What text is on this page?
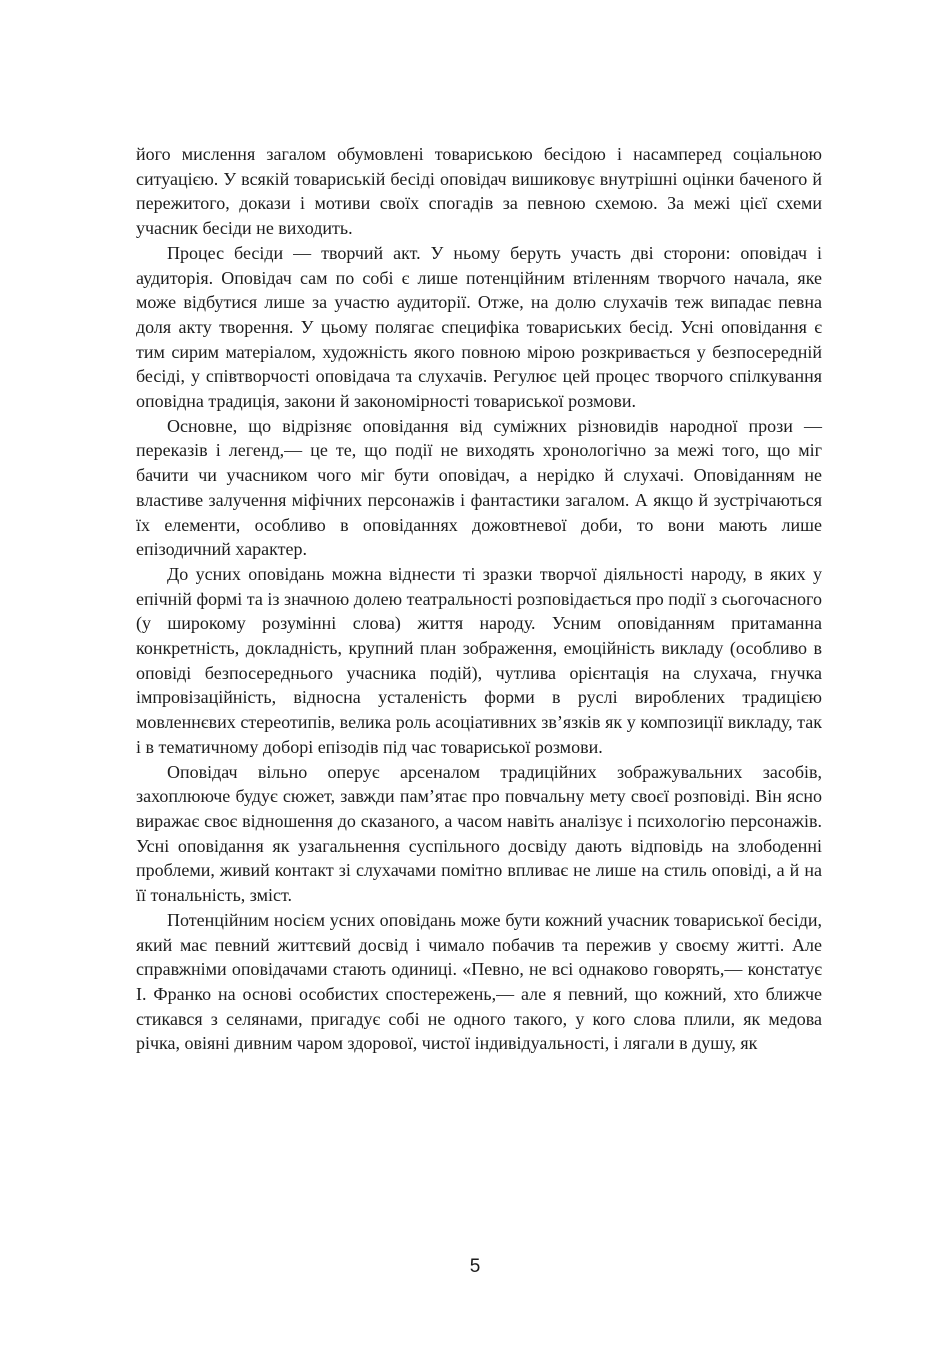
його мислення загалом обумовлені товариською бесідою і насамперед соціальною ситуацією. У всякій товариській бесіді оповідач вишиковує внутрішні оцінки баченого й пережитого, докази і мотиви своїх спогадів за певною схемою. За межі цієї схеми учасник бесіди не виходить.

Процес бесіди — творчий акт. У ньому беруть участь дві сторони: оповідач і аудиторія. Оповідач сам по собі є лише потенційним втіленням творчого начала, яке може відбутися лише за участю аудиторії. Отже, на долю слухачів теж випадає певна доля акту творення. У цьому полягає специфіка товариських бесід. Усні оповідання є тим сирим матеріалом, художність якого повною мірою розкривається у безпосередній бесіді, у співтворчості оповідача та слухачів. Регулює цей процес творчого спілкування оповідна традиція, закони й закономірності товариської розмови.

Основне, що відрізняє оповідання від суміжних різновидів народної прози — переказів і легенд,— це те, що події не виходять хронологічно за межі того, що міг бачити чи учасником чого міг бути оповідач, а нерідко й слухачі. Оповіданням не властиве залучення міфічних персонажів і фантастики загалом. А якщо й зустрічаються їх елементи, особливо в оповіданнях дожовтневої доби, то вони мають лише епізодичний характер.

До усних оповідань можна віднести ті зразки творчої діяльності народу, в яких у епічній формі та із значною долею театральності розповідається про події з сьогочасного (у широкому розумінні слова) життя народу. Усним оповіданням притаманна конкретність, докладність, крупний план зображення, емоційність викладу (особливо в оповіді безпосереднього учасника подій), чутлива орієнтація на слухача, гнучка імпровізаційність, відносна усталеність форми в руслі вироблених традицією мовленнєвих стереотипів, велика роль асоціативних зв’язків як у композиції викладу, так і в тематичному доборі епізодів під час товариської розмови.

Оповідач вільно оперує арсеналом традиційних зображувальних засобів, захоплююче будує сюжет, завжди пам’ятає про повчальну мету своєї розповіді. Він ясно виражає своє відношення до сказаного, а часом навіть аналізує і психологію персонажів. Усні оповідання як узагальнення суспільного досвіду дають відповідь на злободенні проблеми, живий контакт зі слухачами помітно впливає не лише на стиль оповіді, а й на її тональність, зміст.

Потенційним носієм усних оповідань може бути кожний учасник товариської бесіди, який має певний життєвий досвід і чимало побачив та пережив у своєму житті. Але справжніми оповідачами стають одиниці. «Певно, не всі однаково говорять,— констатує І. Франко на основі особистих спостережень,— але я певний, що кожний, хто ближче стикався з селянами, пригадує собі не одного такого, у кого слова плили, як медова річка, овіяні дивним чаром здорової, чистої індивідуальності, і лягали в душу, як

5
